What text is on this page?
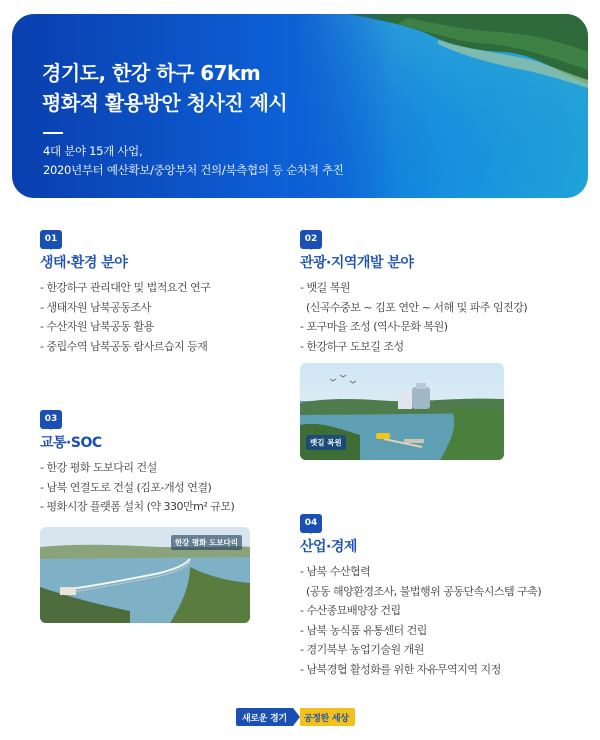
경기도, 한강 하구 67km
평화적 활용방안 청사진 제시
4대 분야 15개 사업,
2020년부터 예산확보/중앙부처 건의/북측협의 등 순차적 추진
01
생태·환경 분야
- 한강하구 관리대안 및 법적요건 연구
- 생태자원 남북공동조사
- 수산자원 남북공동 활용
- 중립수역 남북공동 람사르습지 등재
02
관광·지역개발 분야
- 뱃길 복원
(신곡수중보 ~ 김포 연안 ~ 서해 및 파주 임진강)
- 포구마을 조성 (역사·문화 복원)
- 한강하구 도보길 조성
뱃길 복원
03
교통·SOC
- 한강 평화 도보다리 건설
- 남북 연결도로 건설 (김포-개성 연결)
- 평화시장 플랫폼 설치 (약 330만m² 규모)
한강 평화 도보다리
04
산업·경제
- 남북 수산협력
(공동 해양환경조사, 불법행위 공동단속시스템 구축)
- 수산종묘배양장 건립
- 남북 농식품 유통센터 건립
- 경기북부 농업기술원 개원
- 남북경협 활성화를 위한 자유무역지역 지정
새로운 경기	공정한 세상
